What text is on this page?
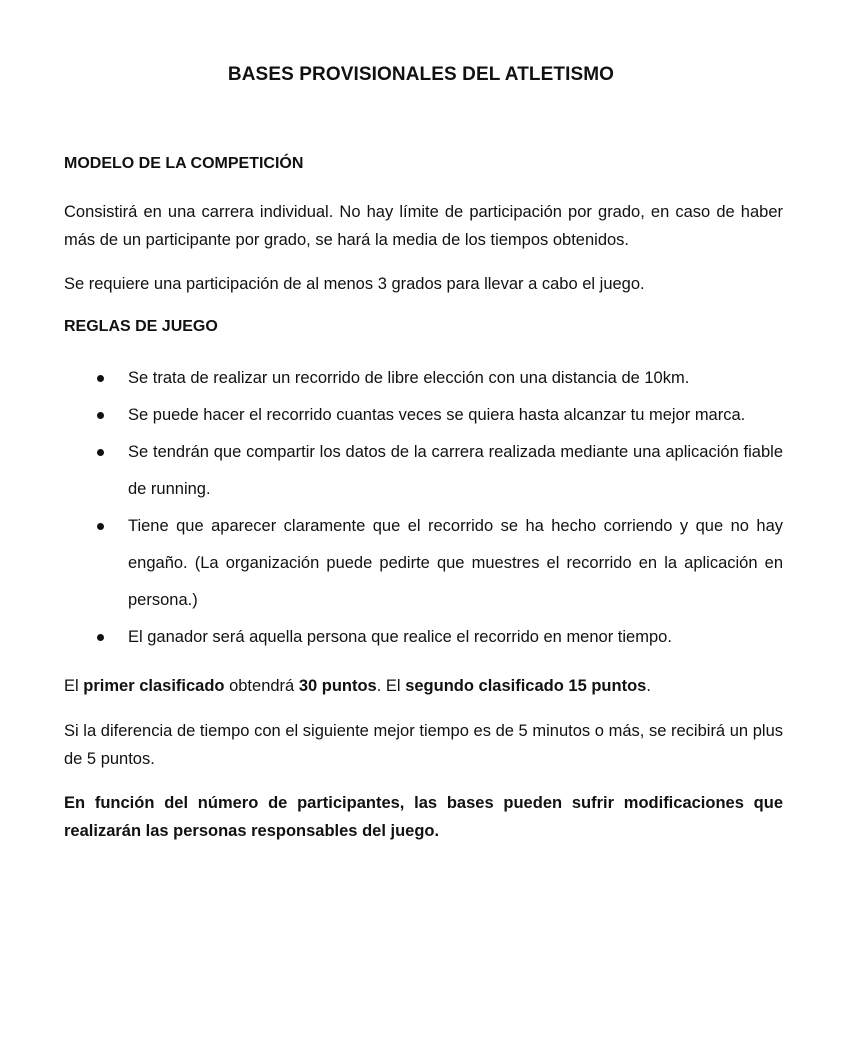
BASES PROVISIONALES DEL ATLETISMO
MODELO DE LA COMPETICIÓN

Consistirá en una carrera individual. No hay límite de participación por grado, en caso de haber más de un participante por grado, se hará la media de los tiempos obtenidos.

Se requiere una participación de al menos 3 grados para llevar a cabo el juego.

REGLAS DE JUEGO
Se trata de realizar un recorrido de libre elección con una distancia de 10km.
Se puede hacer el recorrido cuantas veces se quiera hasta alcanzar tu mejor marca.
Se tendrán que compartir los datos de la carrera realizada mediante una aplicación fiable de running.
Tiene que aparecer claramente que el recorrido se ha hecho corriendo y que no hay engaño. (La organización puede pedirte que muestres el recorrido en la aplicación en persona.)
El ganador será aquella persona que realice el recorrido en menor tiempo.

El primer clasificado obtendrá 30 puntos. El segundo clasificado 15 puntos.

Si la diferencia de tiempo con el siguiente mejor tiempo es de 5 minutos o más, se recibirá un plus de 5 puntos.

En función del número de participantes, las bases pueden sufrir modificaciones que realizarán las personas responsables del juego.
